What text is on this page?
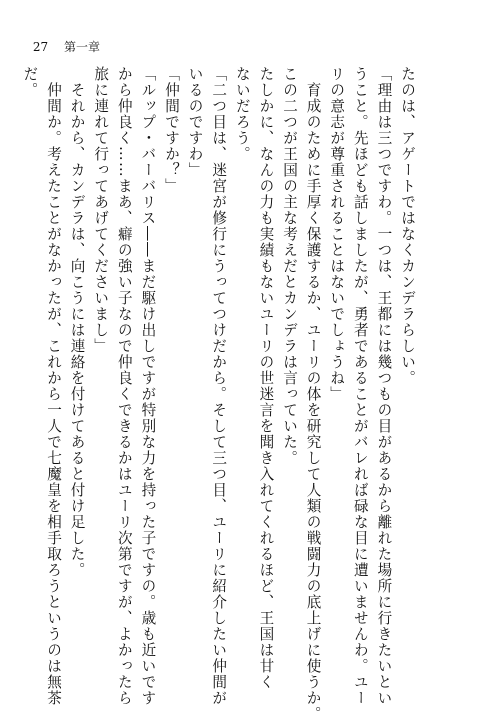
27 第一章
たのは、アゲートではなくカンデラらしい。
「理由は三つですわ。一つは、王都には幾つもの目があるから離れた場所に行きたいとい
うこと。先ほども話しましたが、勇者であることがバレれば碌な目に遭いませんわ。ユー
リの意志が尊重されることはないでしょうね」
　育成のために手厚く保護するか、ユーリの体を研究して人類の戦闘力の底上げに使うか。
この二つが王国の主な考えだとカンデラは言っていた。
たしかに、なんの力も実績もないユーリの世迷言を聞き入れてくれるほど、王国は甘く
ないだろう。
「二つ目は、迷宮が修行にうってつけだから。そして三つ目、ユーリに紹介したい仲間が
いるのですわ」
「仲間ですか？」
「ルップ・バーバリス――まだ駆け出しですが特別な力を持った子ですの。歳も近いです
から仲良く……まあ、癖の強い子なので仲良くできるかはユーリ次第ですが、よかったら
旅に連れて行ってあげてくださいまし」
　それから、カンデラは、向こうには連絡を付けてあると付け足した。
　仲間か。考えたことがなかったが、これから一人で七魔皇を相手取ろうというのは無茶
だ。
